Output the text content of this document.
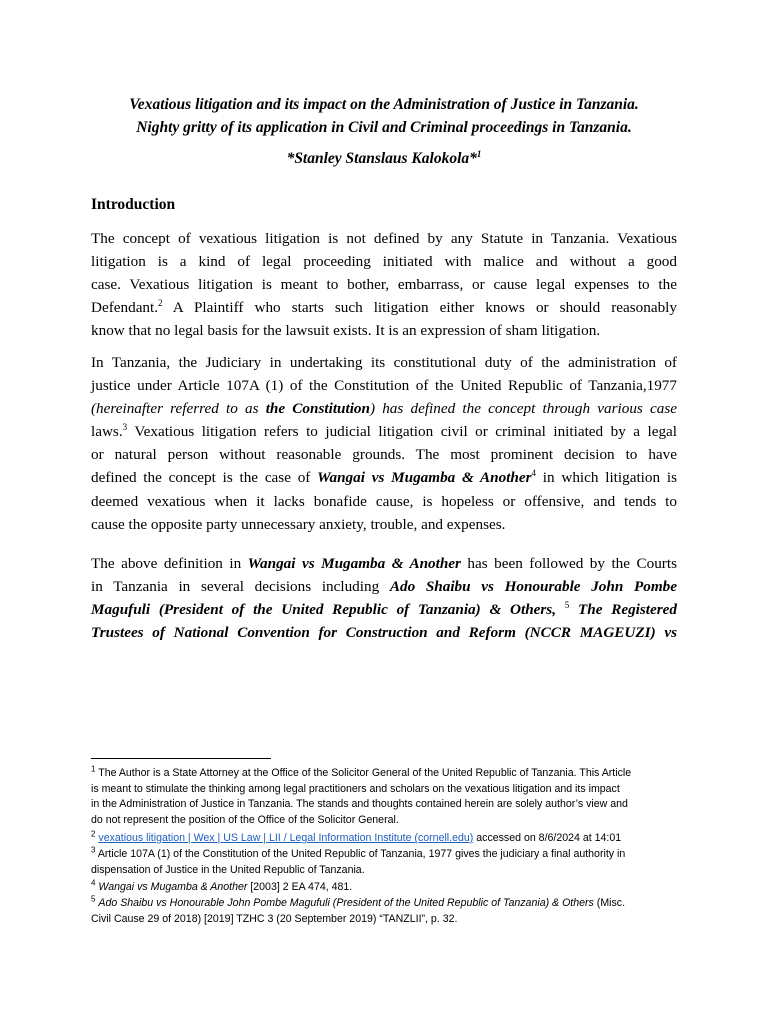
Vexatious litigation and its impact on the Administration of Justice in Tanzania.
Nighty gritty of its application in Civil and Criminal proceedings in Tanzania.
*Stanley Stanslaus Kalokola*$^1$
Introduction
The concept of vexatious litigation is not defined by any Statute in Tanzania. Vexatious
litigation is a kind of legal proceeding initiated with malice and without a good
case. Vexatious litigation is meant to bother, embarrass, or cause legal expenses to the
Defendant.$^2$ A Plaintiff who starts such litigation either knows or should reasonably
know that no legal basis for the lawsuit exists. It is an expression of sham litigation.
In Tanzania, the Judiciary in undertaking its constitutional duty of the administration of
justice under Article 107A (1) of the Constitution of the United Republic of Tanzania,1977
(hereinafter referred to as the Constitution) has defined the concept through various case
laws.$^3$ Vexatious litigation refers to judicial litigation civil or criminal initiated by a legal
or natural person without reasonable grounds. The most prominent decision to have
defined the concept is the case of Wangai vs Mugamba & Another$^4$ in which litigation is
deemed vexatious when it lacks bonafide cause, is hopeless or offensive, and tends to
cause the opposite party unnecessary anxiety, trouble, and expenses.
The above definition in Wangai vs Mugamba & Another has been followed by the Courts
in Tanzania in several decisions including Ado Shaibu vs Honourable John Pombe
Magufuli (President of the United Republic of Tanzania) & Others, $^5$ The Registered
Trustees of National Convention for Construction and Reform (NCCR MAGEUZI) vs
$^1$ The Author is a State Attorney at the Office of the Solicitor General of the United Republic of Tanzania. This Article
is meant to stimulate the thinking among legal practitioners and scholars on the vexatious litigation and its impact
in the Administration of Justice in Tanzania. The stands and thoughts contained herein are solely author’s view and
do not represent the position of the Office of the Solicitor General.
$^2$ vexatious litigation | Wex | US Law | LII / Legal Information Institute (cornell.edu) accessed on 8/6/2024 at 14:01
$^3$ Article 107A (1) of the Constitution of the United Republic of Tanzania, 1977 gives the judiciary a final authority in
dispensation of Justice in the United Republic of Tanzania.
$^4$ Wangai vs Mugamba & Another [2003] 2 EA 474, 481.
$^5$ Ado Shaibu vs Honourable John Pombe Magufuli (President of the United Republic of Tanzania) & Others (Misc.
Civil Cause 29 of 2018) [2019] TZHC 3 (20 September 2019) “TANZLII”, p. 32.
